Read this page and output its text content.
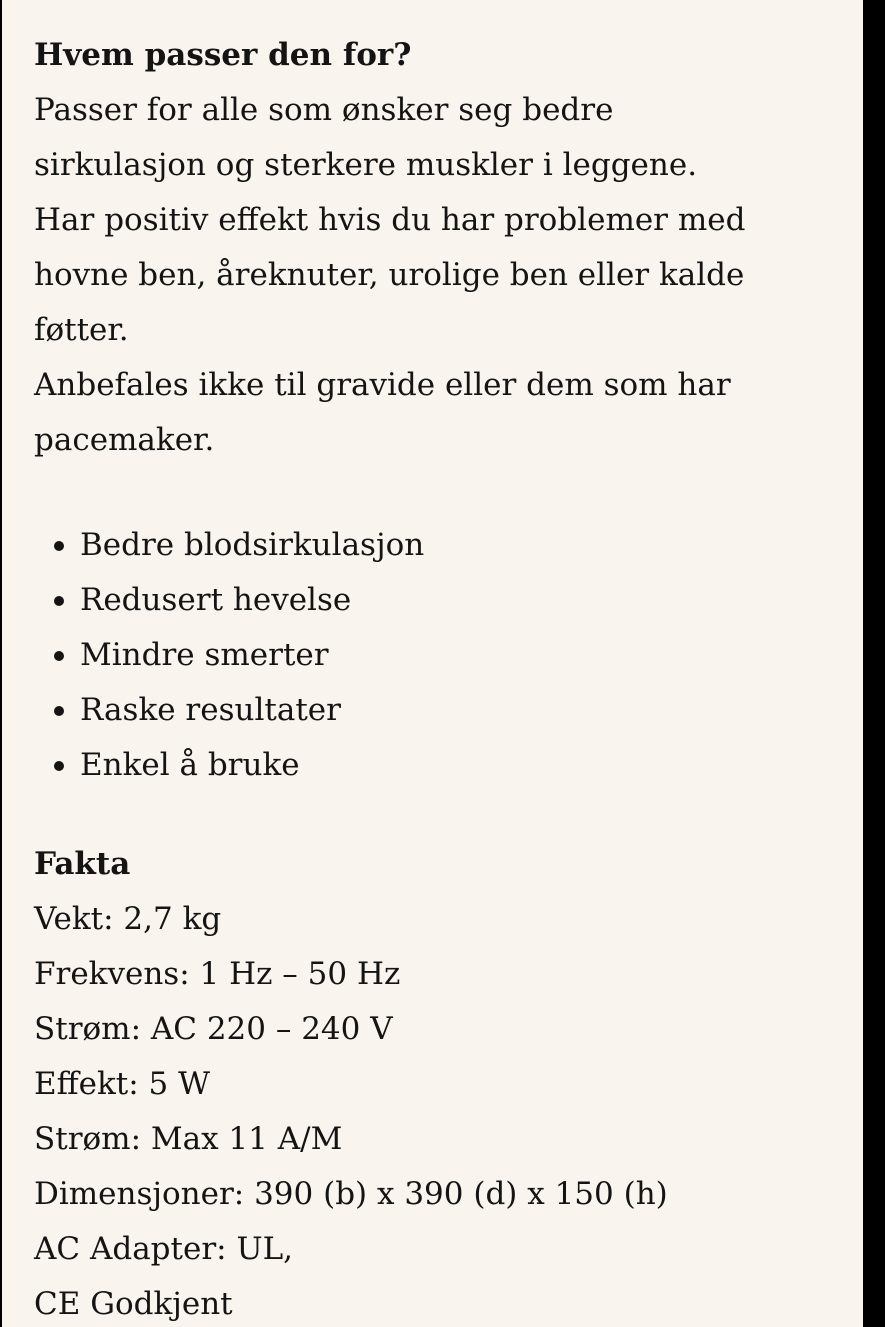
Hvem passer den for?
Passer for alle som ønsker seg bedre
sirkulasjon og sterkere muskler i leggene.
Har positiv effekt hvis du har problemer med
hovne ben, åreknuter, urolige ben eller kalde
føtter.
Anbefales ikke til gravide eller dem som har
pacemaker.
Bedre blodsirkulasjon
Redusert hevelse
Mindre smerter
Raske resultater
Enkel å bruke
Fakta
Vekt: 2,7 kg
Frekvens: 1 Hz – 50 Hz
Strøm: AC 220 – 240 V
Effekt: 5 W
Strøm: Max 11 A/M
Dimensjoner: 390 (b) x 390 (d) x 150 (h)
AC Adapter: UL,
CE Godkjent
